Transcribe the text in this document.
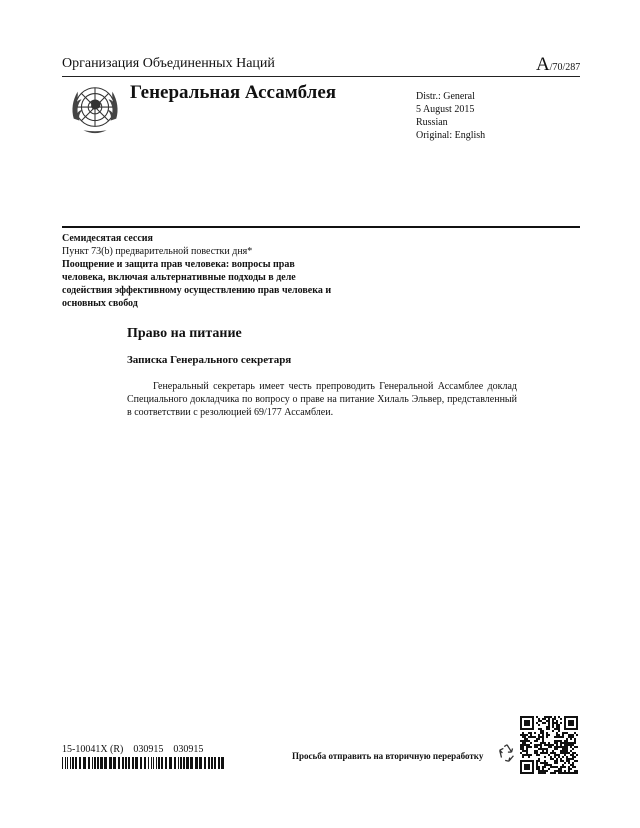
Организация Объединенных Наций	A/70/287
Генеральная Ассамблея	Distr.: General
5 August 2015
Russian
Original: English
Семидесятая сессия
Пункт 73(b) предварительной повестки дня*
Поощрение и защита прав человека: вопросы прав человека, включая альтернативные подходы в деле содействия эффективному осуществлению прав человека и основных свобод
Право на питание
Записка Генерального секретаря
Генеральный секретарь имеет честь препроводить Генеральной Ассамблее доклад Специального докладчика по вопросу о праве на питание Хилаль Эльвер, представленный в соответствии с резолюцией 69/177 Ассамблеи.
15-10041X (R)    030915    030915
Просьба отправить на вторичную переработку
